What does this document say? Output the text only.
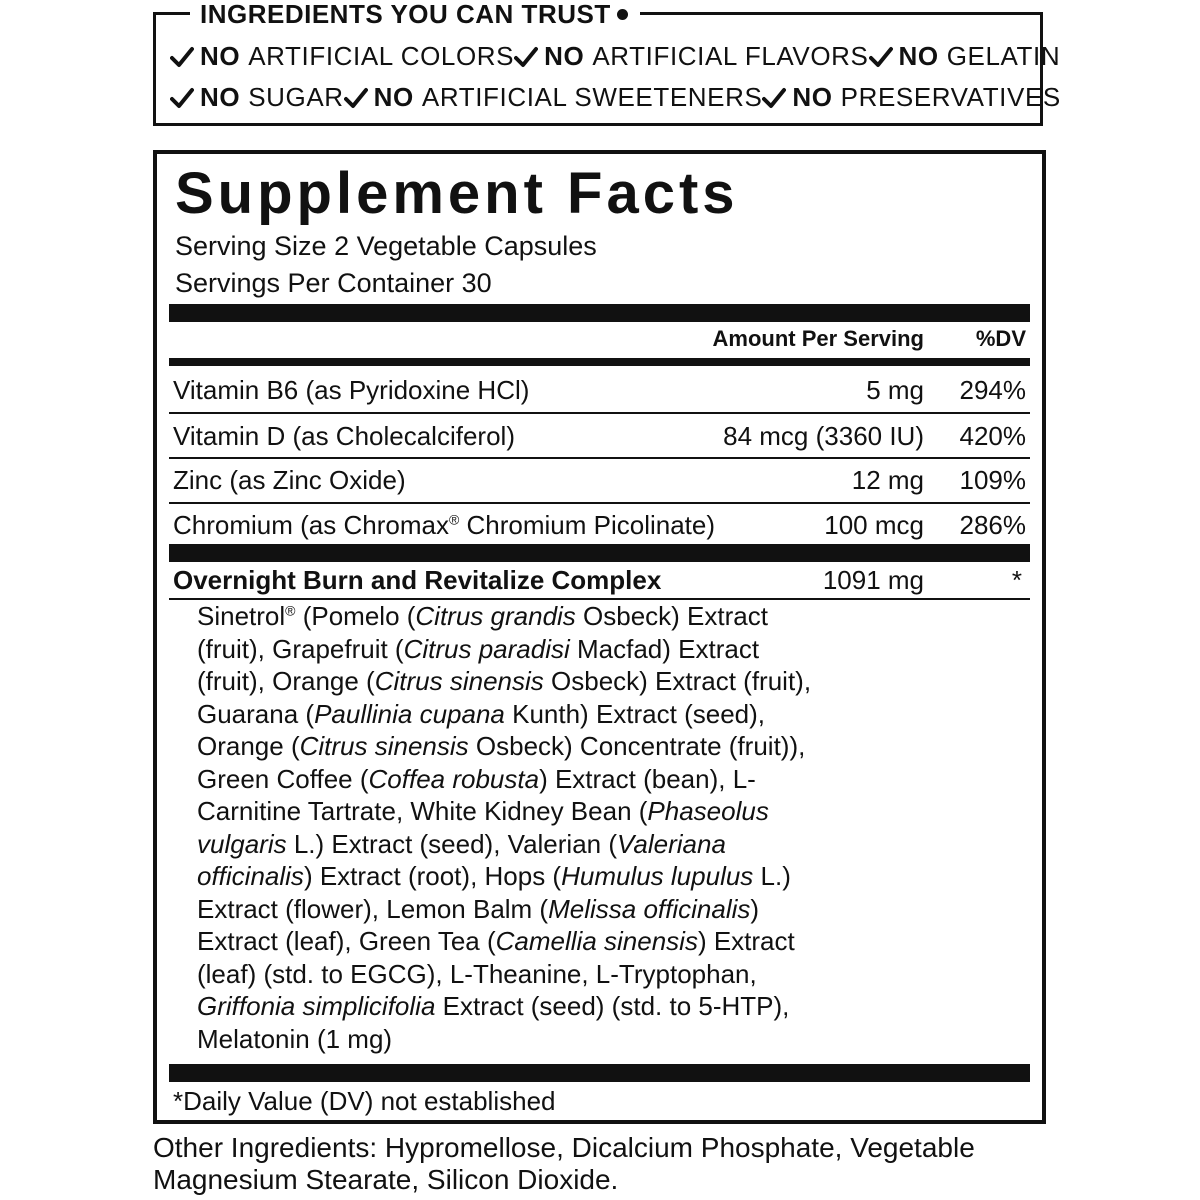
NO ARTIFICIAL COLORS NO ARTIFICIAL FLAVORS NO GELATIN
NO SUGAR NO ARTIFICIAL SWEETENERS NO PRESERVATIVES
INGREDIENTS YOU CAN TRUST
Supplement Facts
Serving Size 2 Vegetable Capsules
Servings Per Container 30
Amount Per Serving %DV
Vitamin B6 (as Pyridoxine HCl)	5 mg 294%
Vitamin D (as Cholecalciferol)	84 mcg (3360 IU) 420%
Zinc (as Zinc Oxide)	12 mg 109%
Chromium (as Chromax® Chromium Picolinate)	100 mcg 286%
Overnight Burn and Revitalize Complex	1091 mg	*
Sinetrol® (Pomelo (Citrus grandis Osbeck) Extract (fruit), Grapefruit (Citrus paradisi Macfad) Extract (fruit), Orange (Citrus sinensis Osbeck) Extract (fruit), Guarana (Paullinia cupana Kunth) Extract (seed), Orange (Citrus sinensis Osbeck) Concentrate (fruit)), Green Coffee (Coffea robusta) Extract (bean), L-Carnitine Tartrate, White Kidney Bean (Phaseolus vulgaris L.) Extract (seed), Valerian (Valeriana officinalis) Extract (root), Hops (Humulus lupulus L.) Extract (flower), Lemon Balm (Melissa officinalis) Extract (leaf), Green Tea (Camellia sinensis) Extract (leaf) (std. to EGCG), L-Theanine, L-Tryptophan, Griffonia simplicifolia Extract (seed) (std. to 5-HTP), Melatonin (1 mg)
*Daily Value (DV) not established
Other Ingredients: Hypromellose, Dicalcium Phosphate, Vegetable Magnesium Stearate, Silicon Dioxide.
